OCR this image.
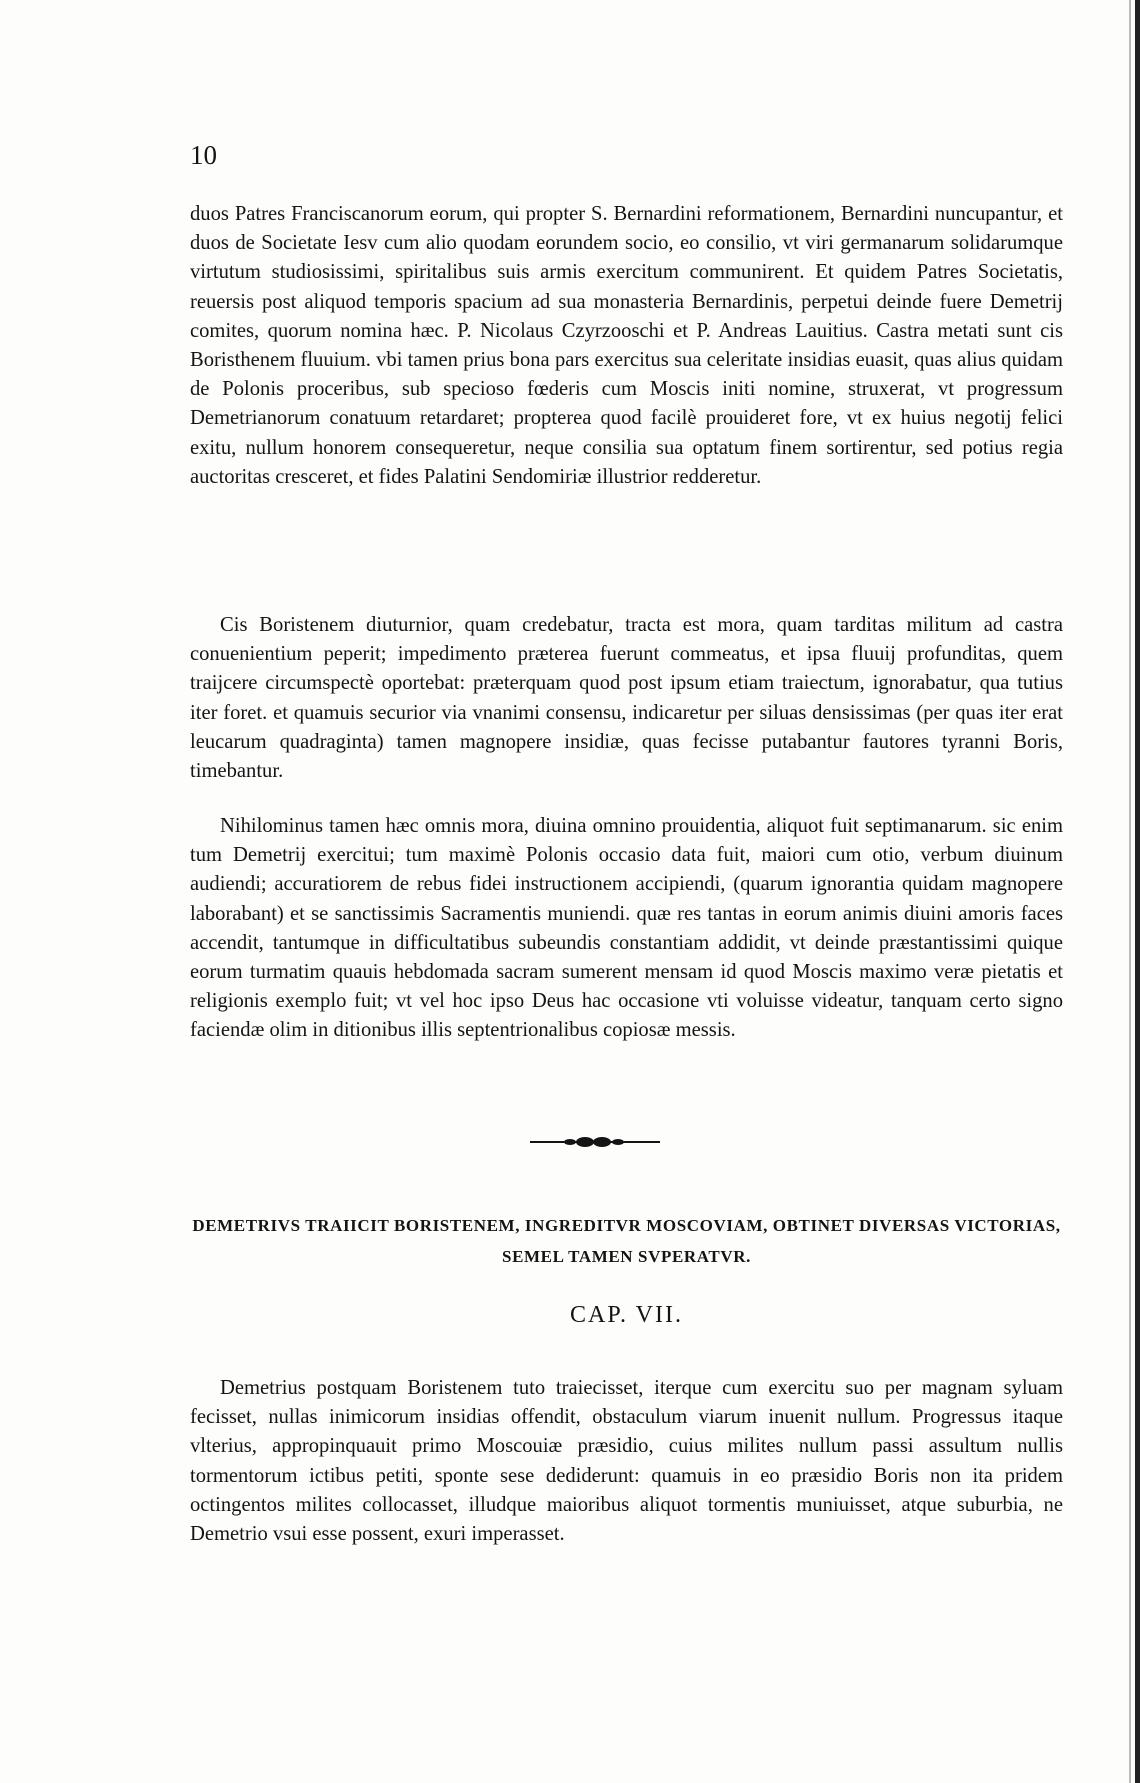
10

duos Patres Franciscanorum eorum, qui propter S. Bernardini reformationem, Bernardini nuncupantur, et duos de Societate Iesv cum alio quodam eorundem socio, eo consilio, vt viri germanarum solidarumque virtutum studiosissimi, spiritalibus suis armis exercitum communirent. Et quidem Patres Societatis, reuersis post aliquod temporis spacium ad sua monasteria Bernardinis, perpetui deinde fuere Demetrij comites, quorum nomina hæc. P. Nicolaus Czyrzooschi et P. Andreas Lauitius. Castra metati sunt cis Boristhenem fluuium. vbi tamen prius bona pars exercitus sua celeritate insidias euasit, quas alius quidam de Polonis proceribus, sub specioso fœderis cum Moscis initi nomine, struxerat, vt progressum Demetrianorum conatuum retardaret; propterea quod facilè prouideret fore, vt ex huius negotij felici exitu, nullum honorem consequeretur, neque consilia sua optatum finem sortirentur, sed potius regia auctoritas cresceret, et fides Palatini Sendomiriæ illustrior redderetur.

Cis Boristenem diuturnior, quam credebatur, tracta est mora, quam tarditas militum ad castra conuenientium peperit; impedimento præterea fuerunt commeatus, et ipsa fluuij profunditas, quem traijcere circumspectè oportebat: præterquam quod post ipsum etiam traiectum, ignorabatur, qua tutius iter foret. et quamuis securior via vnanimi consensu, indicaretur per siluas densissimas (per quas iter erat leucarum quadraginta) tamen magnopere insidiæ, quas fecisse putabantur fautores tyranni Boris, timebantur.

Nihilominus tamen hæc omnis mora, diuina omnino prouidentia, aliquot fuit septimanarum. sic enim tum Demetrij exercitui; tum maximè Polonis occasio data fuit, maiori cum otio, verbum diuinum audiendi; accuratiorem de rebus fidei instructionem accipiendi, (quarum ignorantia quidam magnopere laborabant) et se sanctissimis Sacramentis muniendi. quæ res tantas in eorum animis diuini amoris faces accendit, tantumque in difficultatibus subeundis constantiam addidit, vt deinde præstantissimi quique eorum turmatim quauis hebdomada sacram sumerent mensam id quod Moscis maximo veræ pietatis et religionis exemplo fuit; vt vel hoc ipso Deus hac occasione vti voluisse videatur, tanquam certo signo faciendæ olim in ditionibus illis septentrionalibus copiosæ messis.

DEMETRIVS TRAIICIT BORISTENEM, INGREDITVR MOSCOVIAM, OBTINET DIVERSAS VICTORIAS, SEMEL TAMEN SVPERATVR.
CAP. VII.

Demetrius postquam Boristenem tuto traiecisset, iterque cum exercitu suo per magnam syluam fecisset, nullas inimicorum insidias offendit, obstaculum viarum inuenit nullum. Progressus itaque vlterius, appropinquauit primo Moscouiæ præsidio, cuius milites nullum passi assultum nullis tormentorum ictibus petiti, sponte sese dediderunt: quamuis in eo præsidio Boris non ita pridem octingentos milites collocasset, illudque maioribus aliquot tormentis muniuisset, atque suburbia, ne Demetrio vsui esse possent, exuri imperasset.
